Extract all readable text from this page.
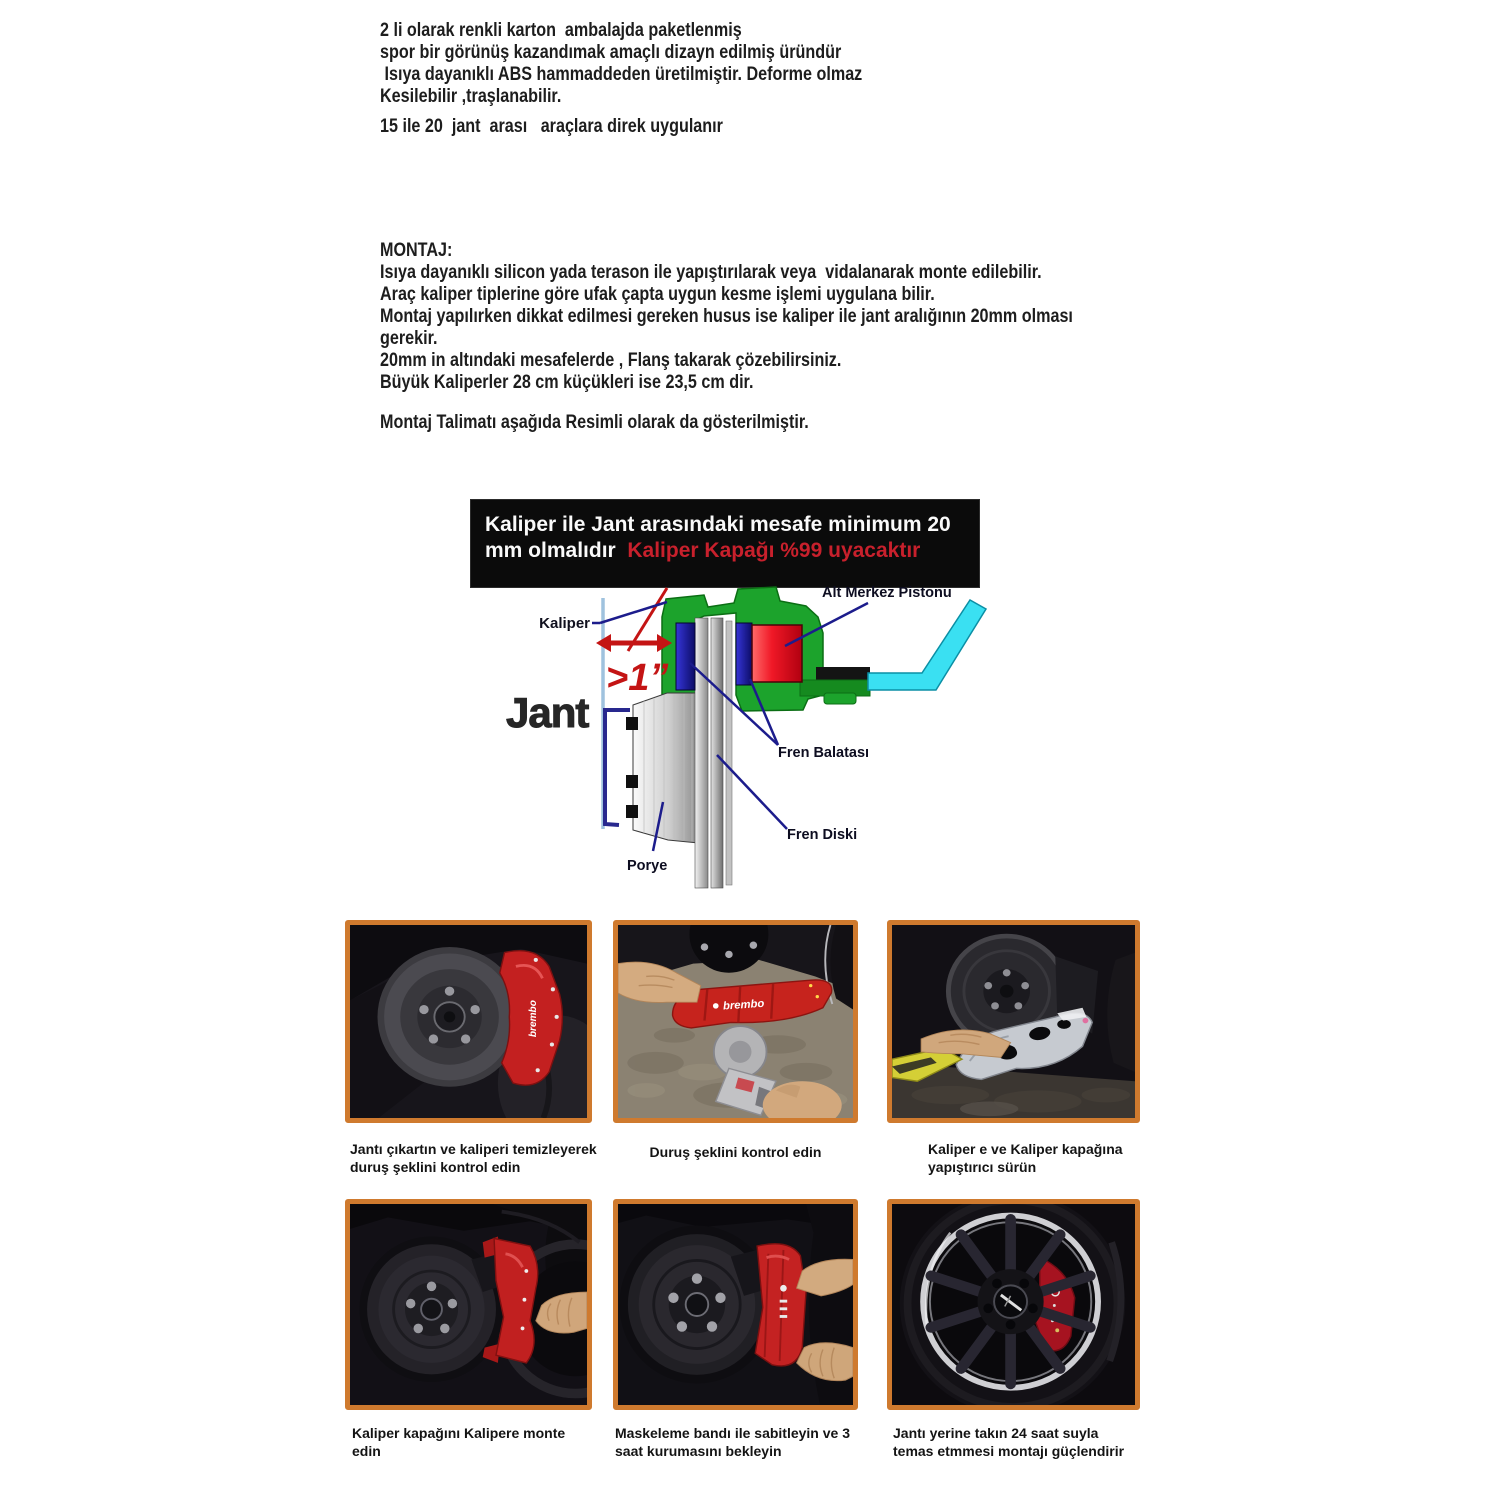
2 li olarak renkli karton  ambalajda paketlenmiş
spor bir görünüş kazandımak amaçlı dizayn edilmiş üründür
Isıya dayanıklı ABS hammaddeden üretilmiştir. Deforme olmaz
Kesilebilir ,traşlanabilir.
15 ile 20  jant  arası   araçlara direk uygulanır
MONTAJ:
Isıya dayanıklı silicon yada terason ile yapıştırılarak veya  vidalanarak monte edilebilir.
Araç kaliper tiplerine göre ufak çapta uygun kesme işlemi uygulana bilir.
Montaj yapılırken dikkat edilmesi gereken husus ise kaliper ile jant aralığının 20mm olması
gerekir.
20mm in altındaki mesafelerde , Flanş takarak çözebilirsiniz.
Büyük Kaliperler 28 cm küçükleri ise 23,5 cm dir.
Montaj Talimatı aşağıda Resimli olarak da gösterilmiştir.
Kaliper ile Jant arasındaki mesafe minimum 20
mm olmalıdır  Kaliper Kapağı %99 uyacaktır
Kaliper
Jant
>1”
Alt Merkez Pistonu
Fren Balatası
Fren Diski
Porye
brembo	brembo
Jantı çıkartın ve kaliperi temizleyerek duruş şeklini kontrol edin
Duruş şeklini kontrol edin	Kaliper e ve Kaliper kapağına yapıştırıcı sürün
Kaliper kapağını Kalipere monte edin
Maskeleme bandı ile sabitleyin ve 3 saat kurumasını bekleyin
Jantı yerine takın 24 saat suyla temas etmmesi montajı güçlendirir
